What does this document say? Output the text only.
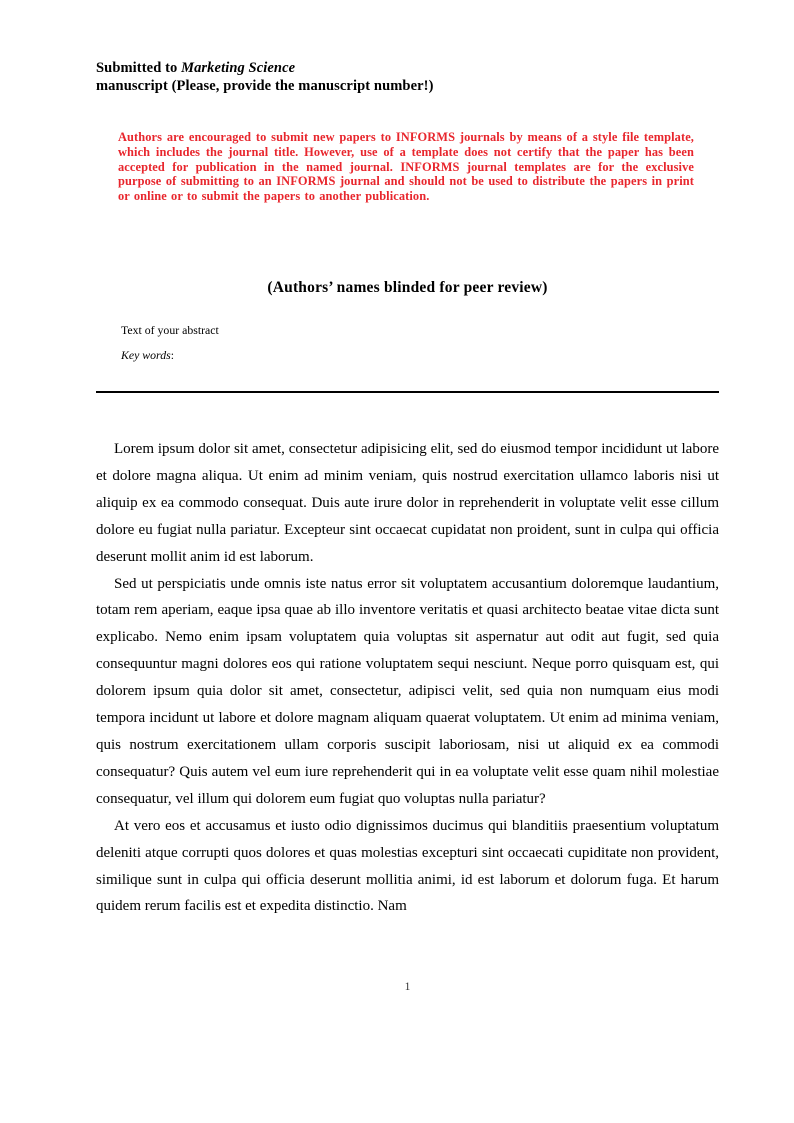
Submitted to Marketing Science
manuscript (Please, provide the manuscript number!)
Authors are encouraged to submit new papers to INFORMS journals by means of a style file template, which includes the journal title. However, use of a template does not certify that the paper has been accepted for publication in the named journal. INFORMS journal templates are for the exclusive purpose of submitting to an INFORMS journal and should not be used to distribute the papers in print or online or to submit the papers to another publication.
(Authors’ names blinded for peer review)
Text of your abstract
Key words:

Lorem ipsum dolor sit amet, consectetur adipisicing elit, sed do eiusmod tempor incididunt ut labore et dolore magna aliqua. Ut enim ad minim veniam, quis nostrud exercitation ullamco laboris nisi ut aliquip ex ea commodo consequat. Duis aute irure dolor in reprehenderit in voluptate velit esse cillum dolore eu fugiat nulla pariatur. Excepteur sint occaecat cupidatat non proident, sunt in culpa qui officia deserunt mollit anim id est laborum.

Sed ut perspiciatis unde omnis iste natus error sit voluptatem accusantium doloremque laudantium, totam rem aperiam, eaque ipsa quae ab illo inventore veritatis et quasi architecto beatae vitae dicta sunt explicabo. Nemo enim ipsam voluptatem quia voluptas sit aspernatur aut odit aut fugit, sed quia consequuntur magni dolores eos qui ratione voluptatem sequi nesciunt. Neque porro quisquam est, qui dolorem ipsum quia dolor sit amet, consectetur, adipisci velit, sed quia non numquam eius modi tempora incidunt ut labore et dolore magnam aliquam quaerat voluptatem. Ut enim ad minima veniam, quis nostrum exercitationem ullam corporis suscipit laboriosam, nisi ut aliquid ex ea commodi consequatur? Quis autem vel eum iure reprehenderit qui in ea voluptate velit esse quam nihil molestiae consequatur, vel illum qui dolorem eum fugiat quo voluptas nulla pariatur?

At vero eos et accusamus et iusto odio dignissimos ducimus qui blanditiis praesentium voluptatum deleniti atque corrupti quos dolores et quas molestias excepturi sint occaecati cupiditate non provident, similique sunt in culpa qui officia deserunt mollitia animi, id est laborum et dolorum fuga. Et harum quidem rerum facilis est et expedita distinctio. Nam

1
